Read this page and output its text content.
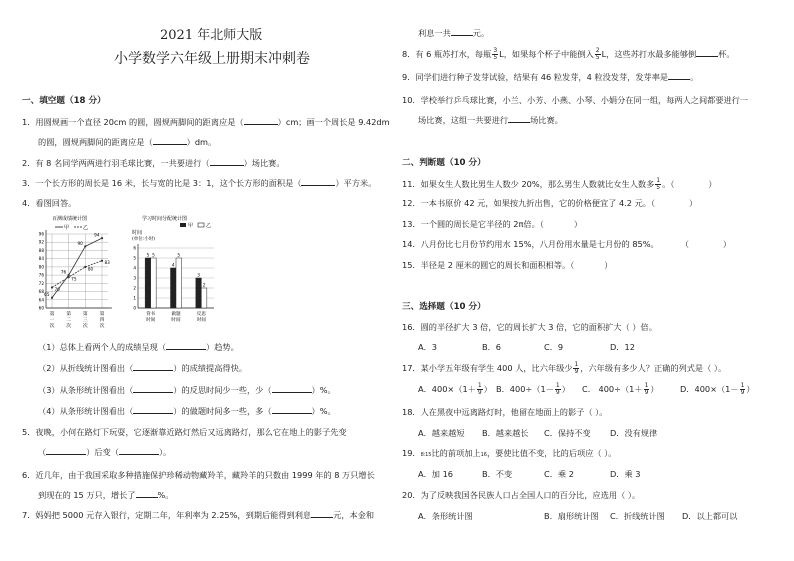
2021 年北师大版
小学数学六年级上册期末冲刺卷
一、填空题（18 分）
1．用圆规画一个直径 20cm 的圆，圆规两脚间的距离应是（	）cm；画一个周长是 9.42dm
的圆，圆规两脚间的距离应是（	）dm。
2．有 8 名同学两两进行羽毛球比赛，一共要进行（	）场比赛。
3．一个长方形的周长是 16 米，长与宽的比是 3：1，这个长方形的面积是（	）平方米。
4．看图回答。
百测成绩统计图
甲	乙
60
64
68
72
76
80
84
88
92
96
第
一
次
第
二
次
第
三
次
第
四
次
65
76
90
94
70
75
80
83
学习时间分配统计图
时间
(单位:小时)
甲	乙
0
1
2
3
4
5
6
5 5
背书
时间
4
5
做题
时间
3
2
反思
时间
（1）总体上看两个人的成绩呈现（	）趋势。
（2）从折线统计图看出（	）的成绩提高得快。
（3）从条形统计图看出（	）的反思时间少一些，少（	）%。
（4）从条形统计图看出（	）的做题时间多一些，多（	）%。
5．夜晚，小何在路灯下玩耍，它逐渐靠近路灯然后又远离路灯，那么它在地上的影子先变
（	）后变（	）。
6．近几年，由于我国采取多种措施保护珍稀动物藏羚羊，藏羚羊的只数由 1999 年的 8 万只增长
到现在的 15 万只，增长了	%。
7．妈妈把 5000 元存入银行，定期二年，年利率为 2.25%，到期后能得到利息	元，本金和
利息一共	元。
8．有 6 瓶苏打水，每瓶 $\frac{3}{5}$ L，如果每个杯子中能倒入 $\frac{2}{5}$ L，这些苏打水最多能够倒	杯。
9．同学们进行种子发芽试验，结果有 46 粒发芽，4 粒没发芽，发芽率是	。
10．学校举行乒乓球比赛，小兰、小芳、小燕、小琴、小娟分在同一组，每两人之间都要进行一
场比赛，这组一共要进行	场比赛。
二、判断题（10 分）
11．如果女生人数比男生人数少 20%，那么男生人数就比女生人数多 $\frac{1}{5}$ 。（	）
12．一本书原价 42 元，如果按九折出售，它的价格便宜了 4.2 元。（	）
13．一个圆的周长是它半径的 2π倍。（	）
14．八月份比七月份节约用水 15%，八月份用水量是七月份的 85%。	（	）
15．半径是 2 厘米的圆它的周长和面积相等。（	）
三、选择题（10 分）
16．圆的半径扩大 3 倍，它的周长扩大 3 倍，它的面积扩大（ ）倍。
A．3	B．6	C．9	D．12
17．某小学五年级有学生 400 人，比六年级少 $\frac{1}{9}$ ，六年级有多少人？正确的列式是（ ）。
A．$400\times(1+ \frac{1}{9}$ ） B．$400\div(1- \frac{1}{9}$ ） C． $400\div(1+ \frac{1}{9}$ ）	D．$400\times(1- \frac{1}{9}$ ）
18．人在黑夜中远离路灯时，他留在地面上的影子（ ）。
A．越来越短 B．越来越长 C．保持不变 D．没有规律
19．8∶15比的前项加上16，要使比值不变，比的后项应（ ）。
A．加 16	B．不变	C．乘 2	D．乘 3
20．为了反映我国各民族人口占全国人口的百分比，应选用（ ）。
A．条形统计图	B．扇形统计图 C．折线统计图 D．以上都可以
